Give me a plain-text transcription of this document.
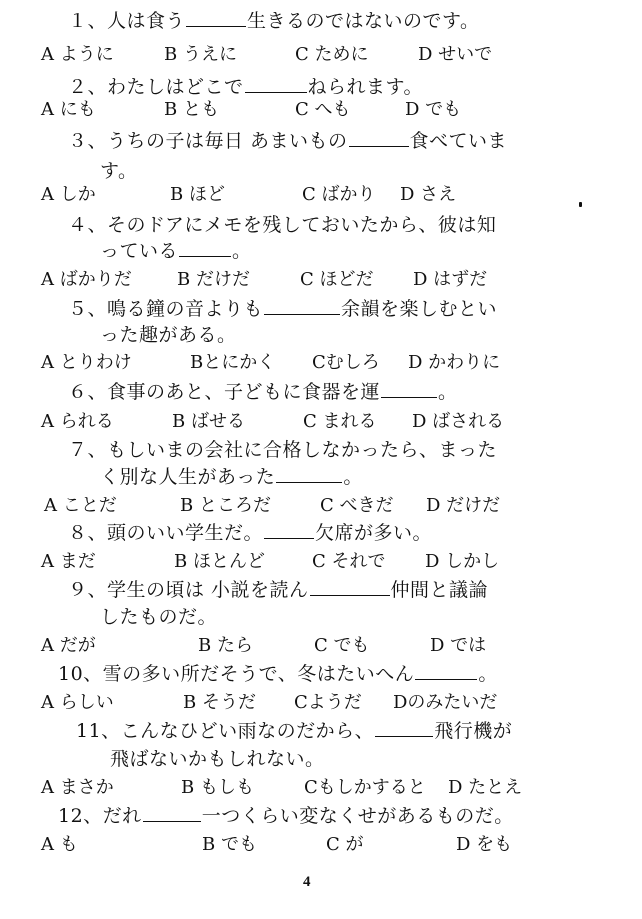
１、人は食う	生きるのではないのです。
A ように	B うえに	C ために	D せいで
２、わたしはどこで	ねられます。
A にも	B とも	C へも	D でも
３、うちの子は毎日 あまいもの	食べていま
す。
A しか	B ほど	C ばかり D さえ
４、そのドアにメモを残しておいたから、彼は知
っている	。
A ばかりだ	B だけだ	C ほどだ D はずだ
５、鳴る鐘の音よりも	余韻を楽しむとい
った趣がある。
A とりわけ	Bとにかく Cむしろ D かわりに
６、食事のあと、子どもに食器を運	。
A られる	B ばせる	C まれる D ばされる
７、もしいまの会社に合格しなかったら、まった
く別な人生があった	。
A ことだ	B ところだ	C べきだ D だけだ
８、頭のいい学生だ。	欠席が多い。
A まだ	B ほとんど	C それで D しかし
９、学生の頃は 小説を読ん	仲間と議論
したものだ。
A だが	B たら	C でも	D では
10、雪の多い所だそうで、冬はたいへん	。
A らしい	B そうだ Cようだ Dのみたいだ
11、こんなひどい雨なのだから、	飛行機が
飛ばないかもしれない。
A まさか	B もしも	Cもしかすると D たとえ
12、だれ	一つくらい変なくせがあるものだ。
A も	B でも	C が	D をも
4
